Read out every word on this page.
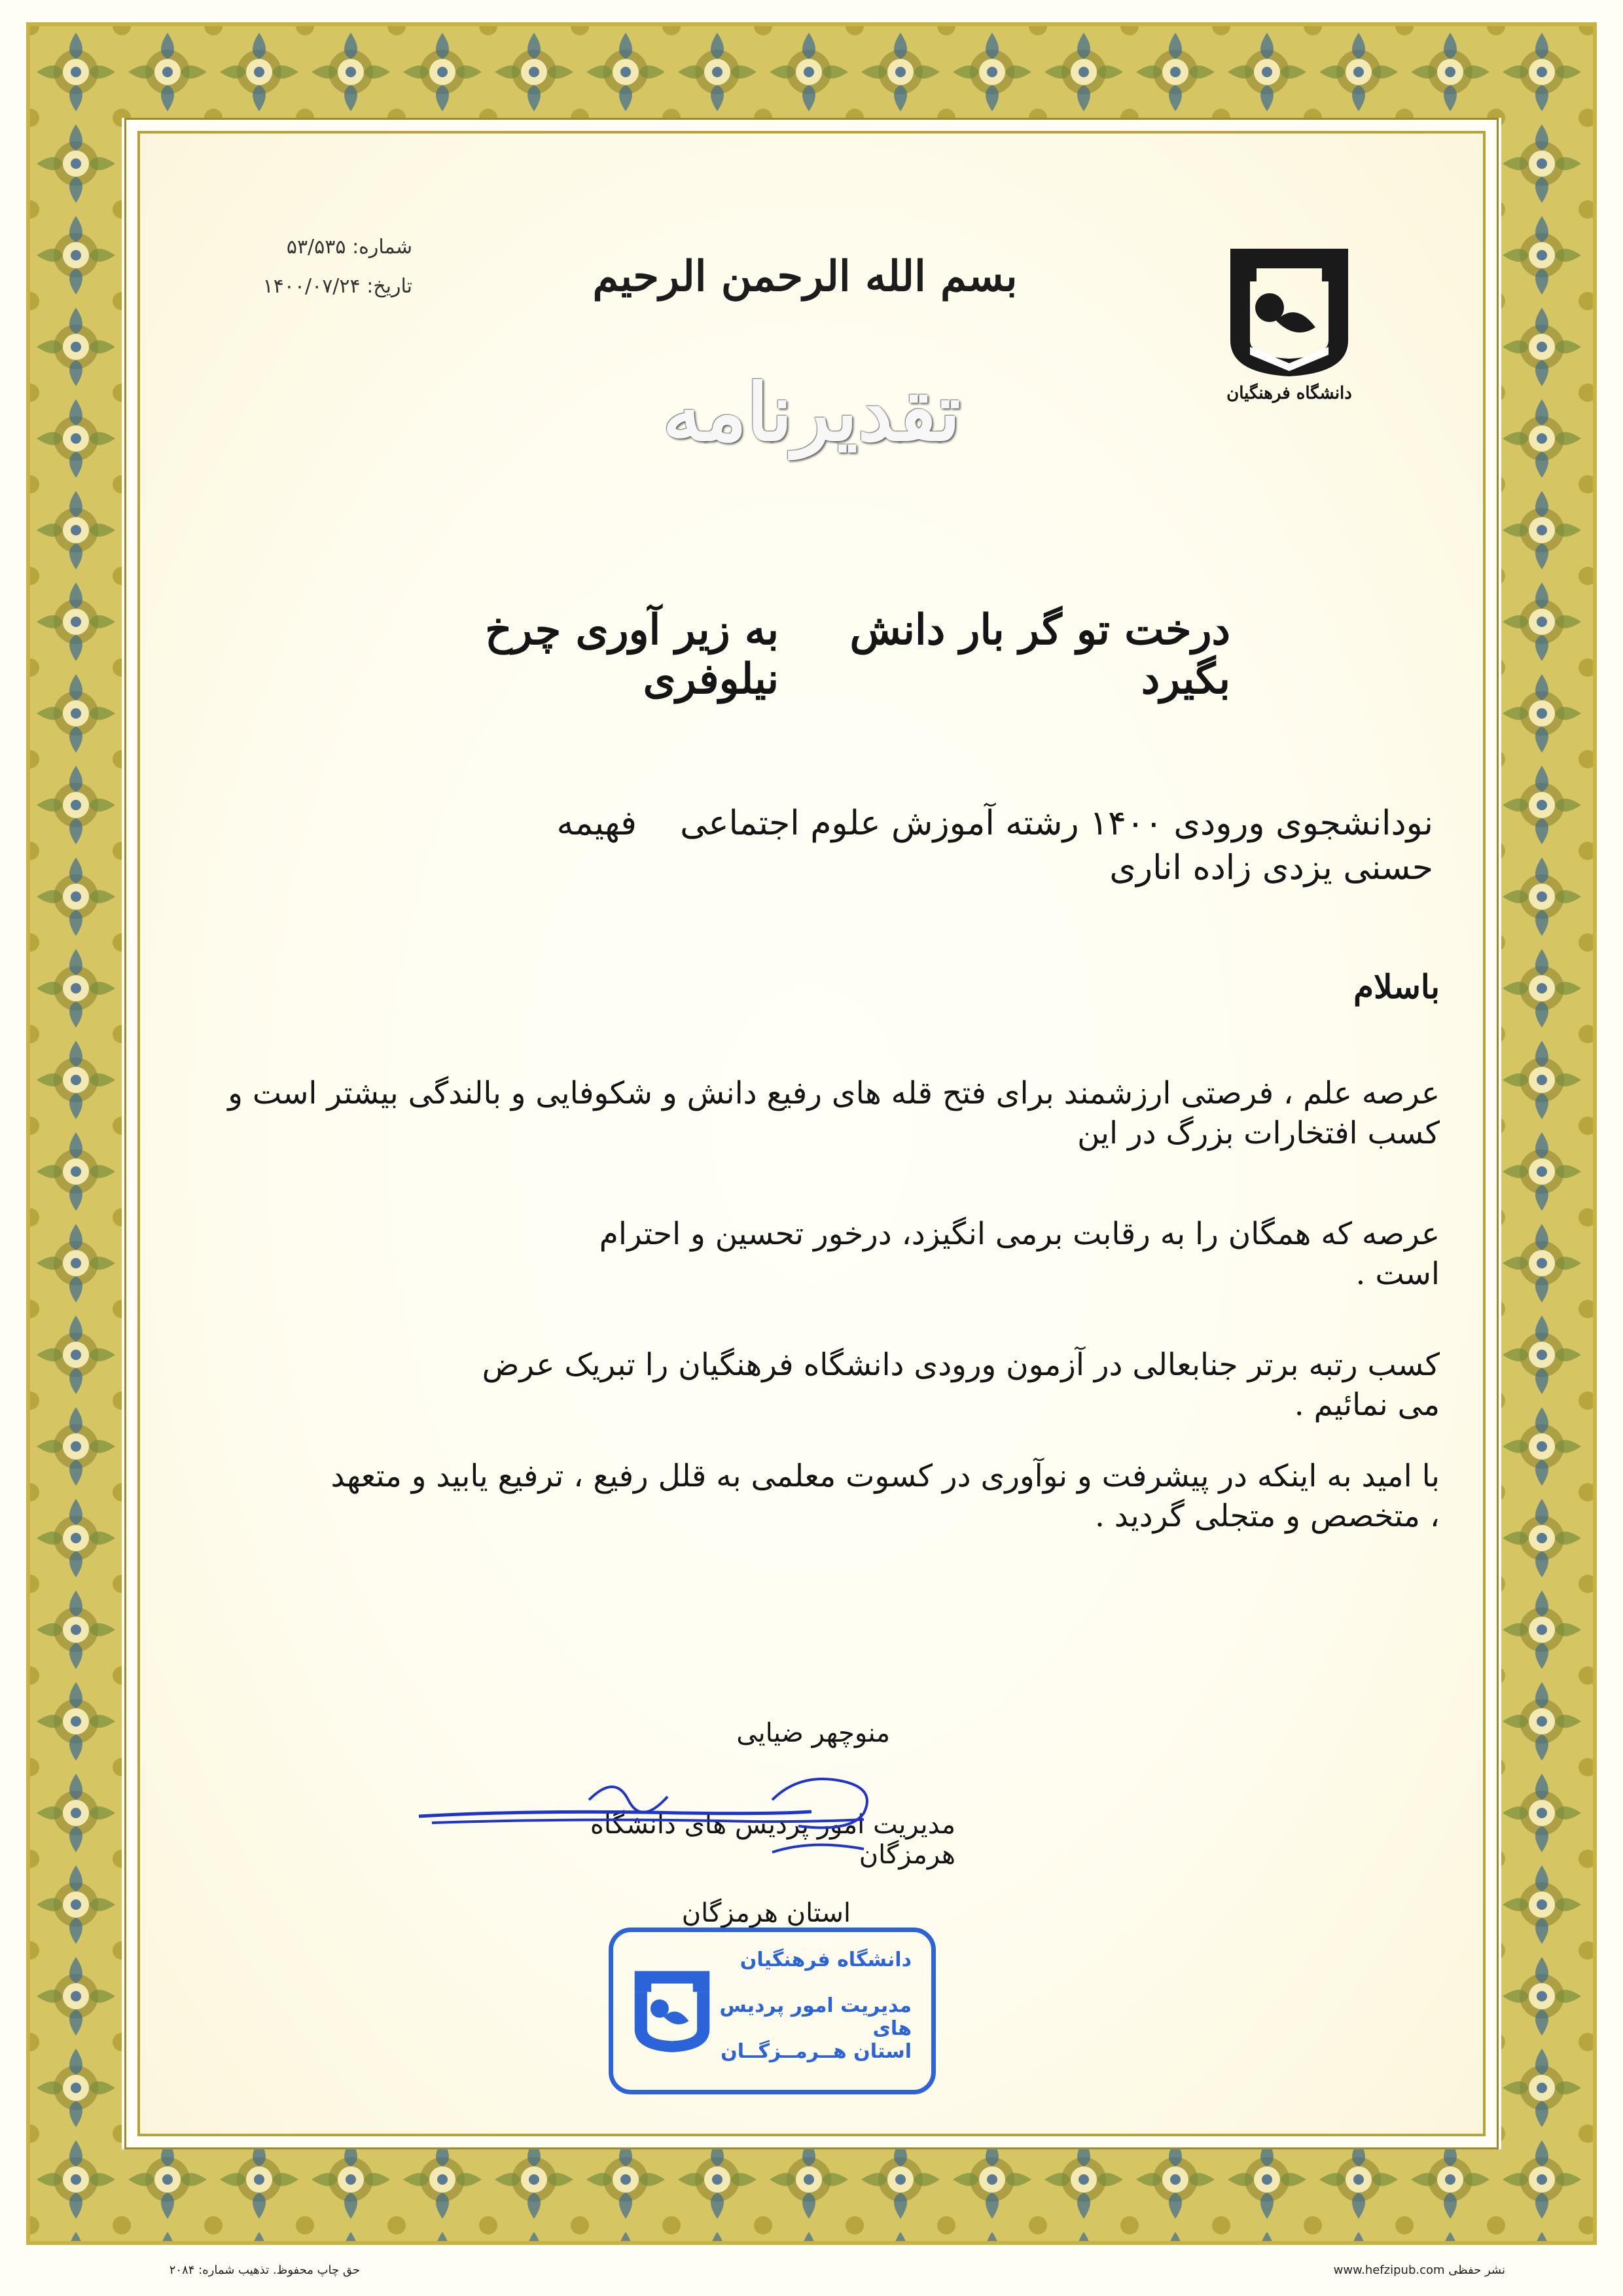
شماره: ۵۳/۵۳۵
تاریخ: ۱۴۰۰/۰۷/۲۴	بسم الله الرحمن الرحیم
دانشگاه فرهنگیان
تقدیرنامه
درخت تو گر بار دانش بگیرد
به زیر آوری چرخ نیلوفری
نودانشجوی ورودی ۱۴۰۰ رشته آموزش علوم اجتماعی    فهیمه حسنی یزدی زاده اناری
باسلام
عرصه علم ، فرصتی ارزشمند برای فتح قله های رفیع دانش و شکوفایی و بالندگی بیشتر است و کسب افتخارات بزرگ در این
عرصه که همگان را به رقابت برمی انگیزد، درخور تحسین و احترام است .
کسب رتبه برتر جنابعالی در آزمون ورودی دانشگاه فرهنگیان را تبریک عرض می نمائیم .
با امید به اینکه در پیشرفت و نوآوری در کسوت معلمی به قلل رفیع ، ترفیع یابید و متعهد ، متخصص و متجلی گردید .
منوچهر ضیایی
مدیریت امور پردیس های دانشگاه هرمزگان
استان هرمزگان
دانشگاه فرهنگیان
مدیریت امور پردیس های
استان هــرمــزگــان
حق چاپ محفوظ. تذهیب شماره: ۲۰۸۴	www.hefzipub.com نشر حفظی
